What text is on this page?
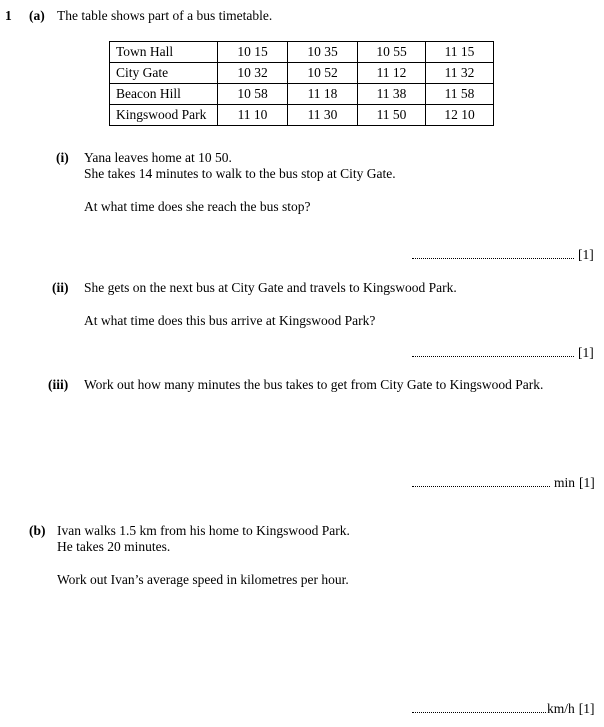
1 (a) The table shows part of a bus timetable.
Town Hall	10 15	10 35	10 55	11 15
City Gate	10 32	10 52	11 12	11 32
Beacon Hill	10 58	11 18	11 38	11 58
Kingswood Park	11 10	11 30	11 50	12 10
(i) Yana leaves home at 10 50.
She takes 14 minutes to walk to the bus stop at City Gate.
At what time does she reach the bus stop?
[1]
(ii) She gets on the next bus at City Gate and travels to Kingswood Park.
At what time does this bus arrive at Kingswood Park?
[1]
(iii) Work out how many minutes the bus takes to get from City Gate to Kingswood Park.
min [1]
(b) Ivan walks 1.5 km from his home to Kingswood Park.
He takes 20 minutes.
Work out Ivan’s average speed in kilometres per hour.
km/h [1]
